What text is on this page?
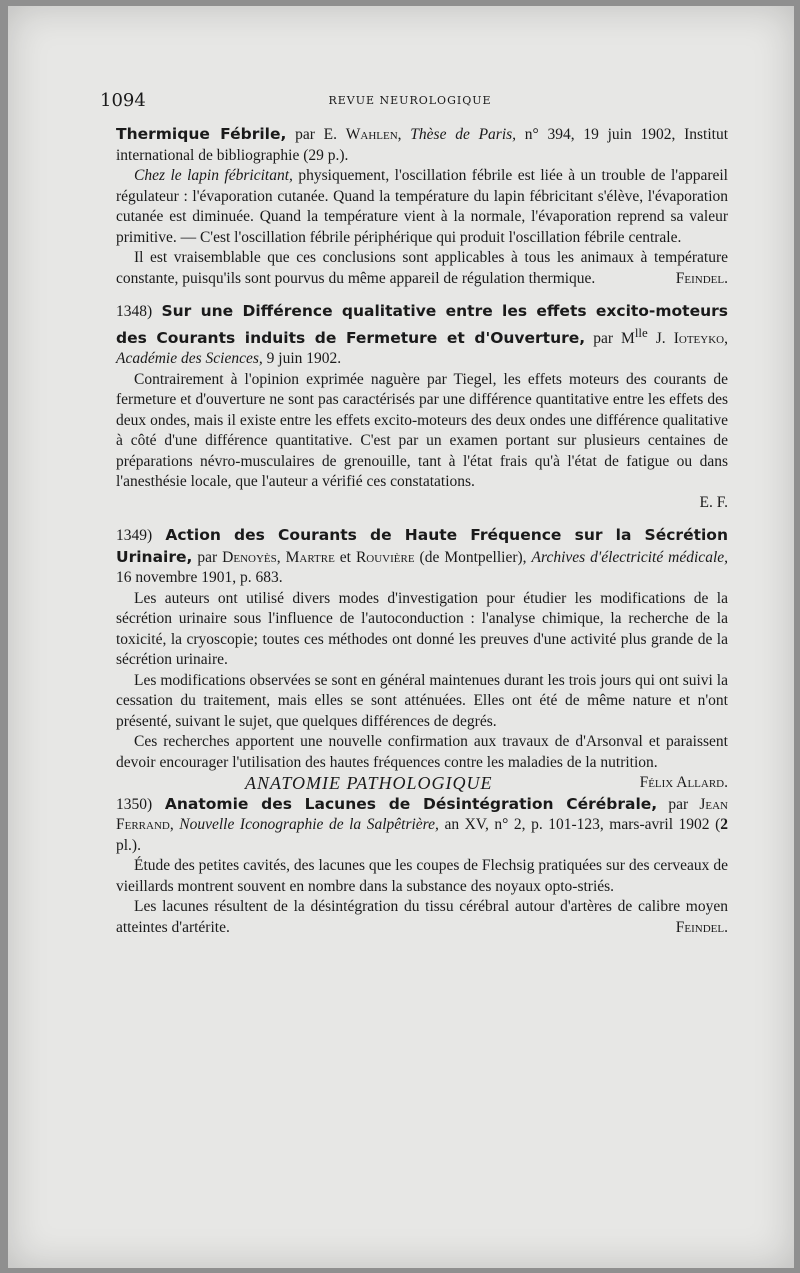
1094	REVUE NEUROLOGIQUE

Thermique Fébrile, par E. Wahlen, Thèse de Paris, n° 394, 19 juin 1902, Institut international de bibliographie (29 p.).

Chez le lapin fébricitant, physiquement, l'oscillation fébrile est liée à un trouble de l'appareil régulateur : l'évaporation cutanée. Quand la température du lapin fébricitant s'élève, l'évaporation cutanée est diminuée. Quand la température vient à la normale, l'évaporation reprend sa valeur primitive. — C'est l'oscillation fébrile périphérique qui produit l'oscillation fébrile centrale.

Il est vraisemblable que ces conclusions sont applicables à tous les animaux à température constante, puisqu'ils sont pourvus du même appareil de régulation thermique.	Feindel.

1348) Sur une Différence qualitative entre les effets excito-moteurs des Courants induits de Fermeture et d'Ouverture, par $M^{lle}$ J. Ioteyko, Académie des Sciences, 9 juin 1902.

Contrairement à l'opinion exprimée naguère par Tiegel, les effets moteurs des courants de fermeture et d'ouverture ne sont pas caractérisés par une différence quantitative entre les effets des deux ondes, mais il existe entre les effets excito-moteurs des deux ondes une différence qualitative à côté d'une différence quantitative. C'est par un examen portant sur plusieurs centaines de préparations névro-musculaires de grenouille, tant à l'état frais qu'à l'état de fatigue ou dans l'anesthésie locale, que l'auteur a vérifié ces constatations.

E. F.

1349) Action des Courants de Haute Fréquence sur la Sécrétion Urinaire, par Denoyès, Martre et Rouvière (de Montpellier), Archives d'électricité médicale, 16 novembre 1901, p. 683.

Les auteurs ont utilisé divers modes d'investigation pour étudier les modifications de la sécrétion urinaire sous l'influence de l'autoconduction : l'analyse chimique, la recherche de la toxicité, la cryoscopie; toutes ces méthodes ont donné les preuves d'une activité plus grande de la sécrétion urinaire.

Les modifications observées se sont en général maintenues durant les trois jours qui ont suivi la cessation du traitement, mais elles se sont atténuées. Elles ont été de même nature et n'ont présenté, suivant le sujet, que quelques différences de degrés.

Ces recherches apportent une nouvelle confirmation aux travaux de d'Arsonval et paraissent devoir encourager l'utilisation des hautes fréquences contre les maladies de la nutrition.
Félix Allard.

ANATOMIE PATHOLOGIQUE

1350) Anatomie des Lacunes de Désintégration Cérébrale, par Jean Ferrand, Nouvelle Iconographie de la Salpêtrière, an XV, n° 2, p. 101-123, mars-avril 1902 (2 pl.).

Étude des petites cavités, des lacunes que les coupes de Flechsig pratiquées sur des cerveaux de vieillards montrent souvent en nombre dans la substance des noyaux opto-striés.

Les lacunes résultent de la désintégration du tissu cérébral autour d'artères de calibre moyen atteintes d'artérite.	Feindel.
